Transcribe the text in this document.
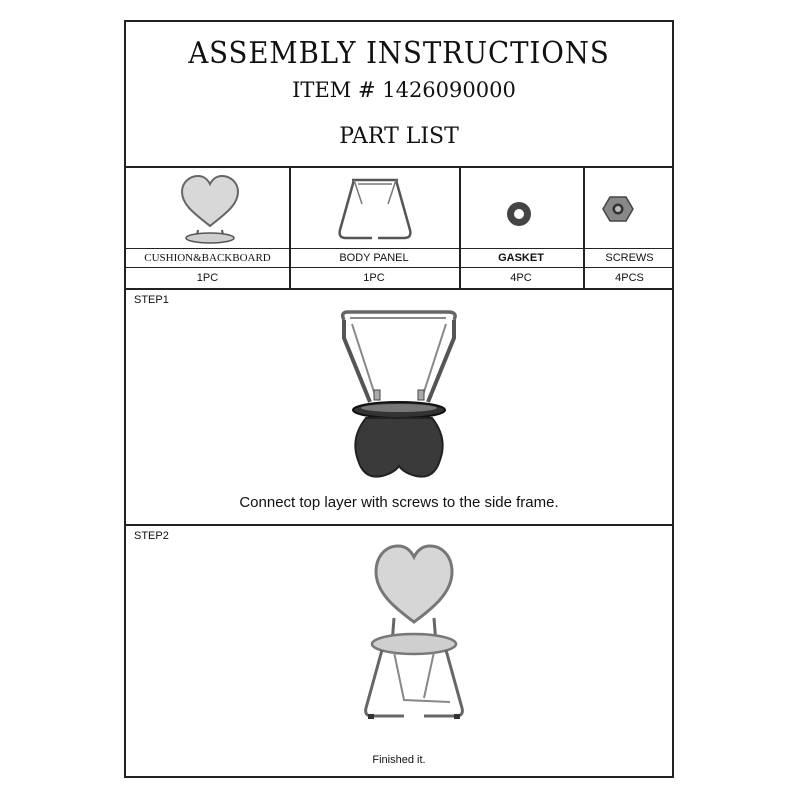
ASSEMBLY INSTRUCTIONS
ITEM # 1426090000
PART LIST
CUSHION&BACKBOARD	BODY PANEL	GASKET	SCREWS
1PC	1PC	4PC	4PCS
STEP1
Connect top layer with screws to the side frame.
STEP2
Finished it.
